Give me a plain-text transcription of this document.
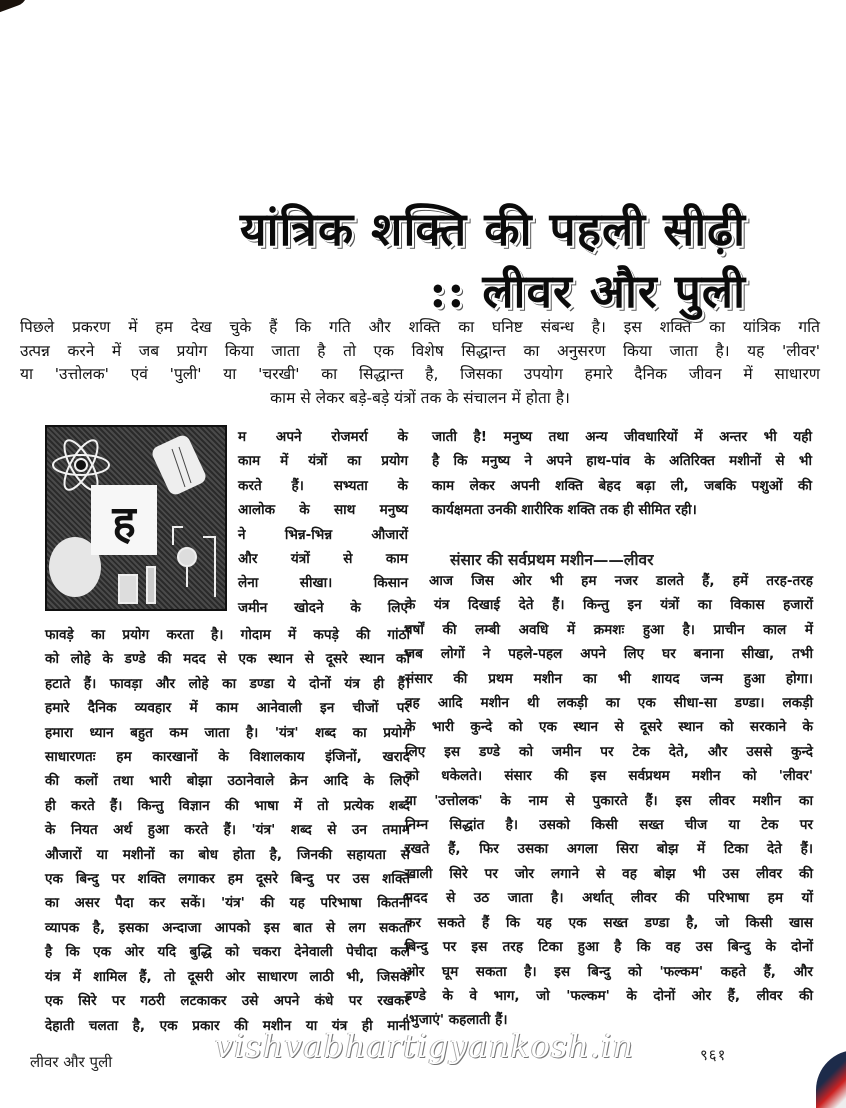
यांत्रिक शक्ति की पहली सीढ़ी
:: लीवर और पुली
पिछले प्रकरण में हम देख चुके हैं कि गति और शक्ति का घनिष्ट संबन्ध है। इस शक्ति का यांत्रिक गति
उत्पन्न करने में जब प्रयोग किया जाता है तो एक विशेष सिद्धान्त का अनुसरण किया जाता है। यह 'लीवर'
या 'उत्तोलक' एवं 'पुली' या 'चरखी' का सिद्धान्त है, जिसका उपयोग हमारे दैनिक जीवन में साधारण
काम से लेकर बड़े-बड़े यंत्रों तक के संचालन में होता है।
ह
म अपने रोजमर्रा के
काम में यंत्रों का प्रयोग
करते हैं। सभ्यता के
आलोक के साथ मनुष्य
ने भिन्न-भिन्न औजारों
और यंत्रों से काम
लेना सीखा। किसान
जमीन खोदने के लिए
फावड़े का प्रयोग करता है। गोदाम में कपड़े की गांठों
को लोहे के डण्डे की मदद से एक स्थान से दूसरे स्थान को
हटाते हैं। फावड़ा और लोहे का डण्डा ये दोनों यंत्र ही हैं।
हमारे दैनिक व्यवहार में काम आनेवाली इन चीजों पर
हमारा ध्यान बहुत कम जाता है। 'यंत्र' शब्द का प्रयोग
साधारणतः हम कारखानों के विशालकाय इंजिनों, खराद
की कलों तथा भारी बोझा उठानेवाले क्रेन आदि के लिए
ही करते हैं। किन्तु विज्ञान की भाषा में तो प्रत्येक शब्द
के नियत अर्थ हुआ करते हैं। 'यंत्र' शब्द से उन तमाम
औजारों या मशीनों का बोध होता है, जिनकी सहायता से
एक बिन्दु पर शक्ति लगाकर हम दूसरे बिन्दु पर उस शक्ति
का असर पैदा कर सकें। 'यंत्र' की यह परिभाषा कितनी
व्यापक है, इसका अन्दाजा आपको इस बात से लग सकता
है कि एक ओर यदि बुद्धि को चकरा देनेवाली पेचीदा कलें
यंत्र में शामिल हैं, तो दूसरी ओर साधारण लाठी भी, जिसके
एक सिरे पर गठरी लटकाकर उसे अपने कंधे पर रखकर
देहाती चलता है, एक प्रकार की मशीन या यंत्र ही मानी
जाती है! मनुष्य तथा अन्य जीवधारियों में अन्तर भी यही
है कि मनुष्य ने अपने हाथ-पांव के अतिरिक्त मशीनों से भी
काम लेकर अपनी शक्ति बेहद बढ़ा ली, जबकि पशुओं की
कार्यक्षमता उनकी शारीरिक शक्ति तक ही सीमित रही।
संसार की सर्वप्रथम मशीन——लीवर
आज जिस ओर भी हम नजर डालते हैं, हमें तरह-तरह
के यंत्र दिखाई देते हैं। किन्तु इन यंत्रों का विकास हजारों
वर्षों की लम्बी अवधि में क्रमशः हुआ है। प्राचीन काल में
जब लोगों ने पहले-पहल अपने लिए घर बनाना सीखा, तभी
संसार की प्रथम मशीन का भी शायद जन्म हुआ होगा।
वह आदि मशीन थी लकड़ी का एक सीधा-सा डण्डा। लकड़ी
के भारी कुन्दे को एक स्थान से दूसरे स्थान को सरकाने के
लिए इस डण्डे को जमीन पर टेक देते, और उससे कुन्दे
को धकेलते। संसार की इस सर्वप्रथम मशीन को 'लीवर'
या 'उत्तोलक' के नाम से पुकारते हैं। इस लीवर मशीन का
निम्न सिद्धांत है। उसको किसी सख्त चीज या टेक पर
रखते हैं, फिर उसका अगला सिरा बोझ में टिका देते हैं।
खाली सिरे पर जोर लगाने से वह बोझ भी उस लीवर की
मदद से उठ जाता है। अर्थात् लीवर की परिभाषा हम यों
कर सकते हैं कि यह एक सख्त डण्डा है, जो किसी खास
बिन्दु पर इस तरह टिका हुआ है कि वह उस बिन्दु के दोनों
ओर घूम सकता है। इस बिन्दु को 'फल्कम' कहते हैं, और
डण्डे के वे भाग, जो 'फल्कम' के दोनों ओर हैं, लीवर की
'भुजाएं' कहलाती हैं।
vishvabhartigyankosh.in
लीवर और पुली	९६१
